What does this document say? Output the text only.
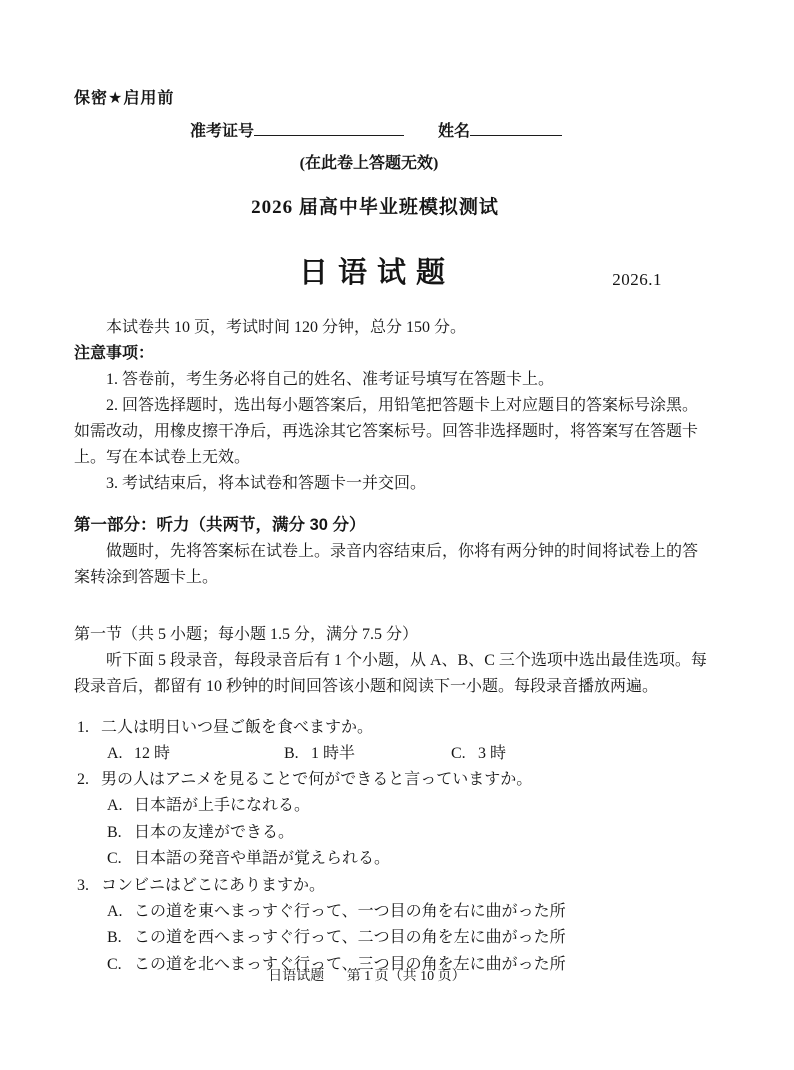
保密★启用前
准考证号	姓名
(在此卷上答题无效)
2026 届高中毕业班模拟测试
日语试题	2026.1

本试卷共 10 页，考试时间 120 分钟，总分 150 分。

注意事项：

1. 答卷前，考生务必将自己的姓名、准考证号填写在答题卡上。

2. 回答选择题时，选出每小题答案后，用铅笔把答题卡上对应题目的答案标号涂黑。如需改动，用橡皮擦干净后，再选涂其它答案标号。回答非选择题时，将答案写在答题卡上。写在本试卷上无效。

3. 考试结束后，将本试卷和答题卡一并交回。

第一部分：听力（共两节，满分 30 分）

做题时，先将答案标在试卷上。录音内容结束后，你将有两分钟的时间将试卷上的答案转涂到答题卡上。

第一节（共 5 小题；每小题 1.5 分，满分 7.5 分）

听下面 5 段录音，每段录音后有 1 个小题，从 A、B、C 三个选项中选出最佳选项。每段录音后，都留有 10 秒钟的时间回答该小题和阅读下一小题。每段录音播放两遍。

1. 二人は明日いつ昼ご飯を食べますか。
A. 12 時	B. 1 時半	C. 3 時
2. 男の人はアニメを見ることで何ができると言っていますか。
A. 日本語が上手になれる。
B. 日本の友達ができる。
C. 日本語の発音や単語が覚えられる。
3. コンビニはどこにありますか。
A. この道を東へまっすぐ行って、一つ目の角を右に曲がった所
B. この道を西へまっすぐ行って、二つ目の角を左に曲がった所
C. この道を北へまっすぐ行って、三つ目の角を左に曲がった所
日语试题 第 1 页（共 10 页）
